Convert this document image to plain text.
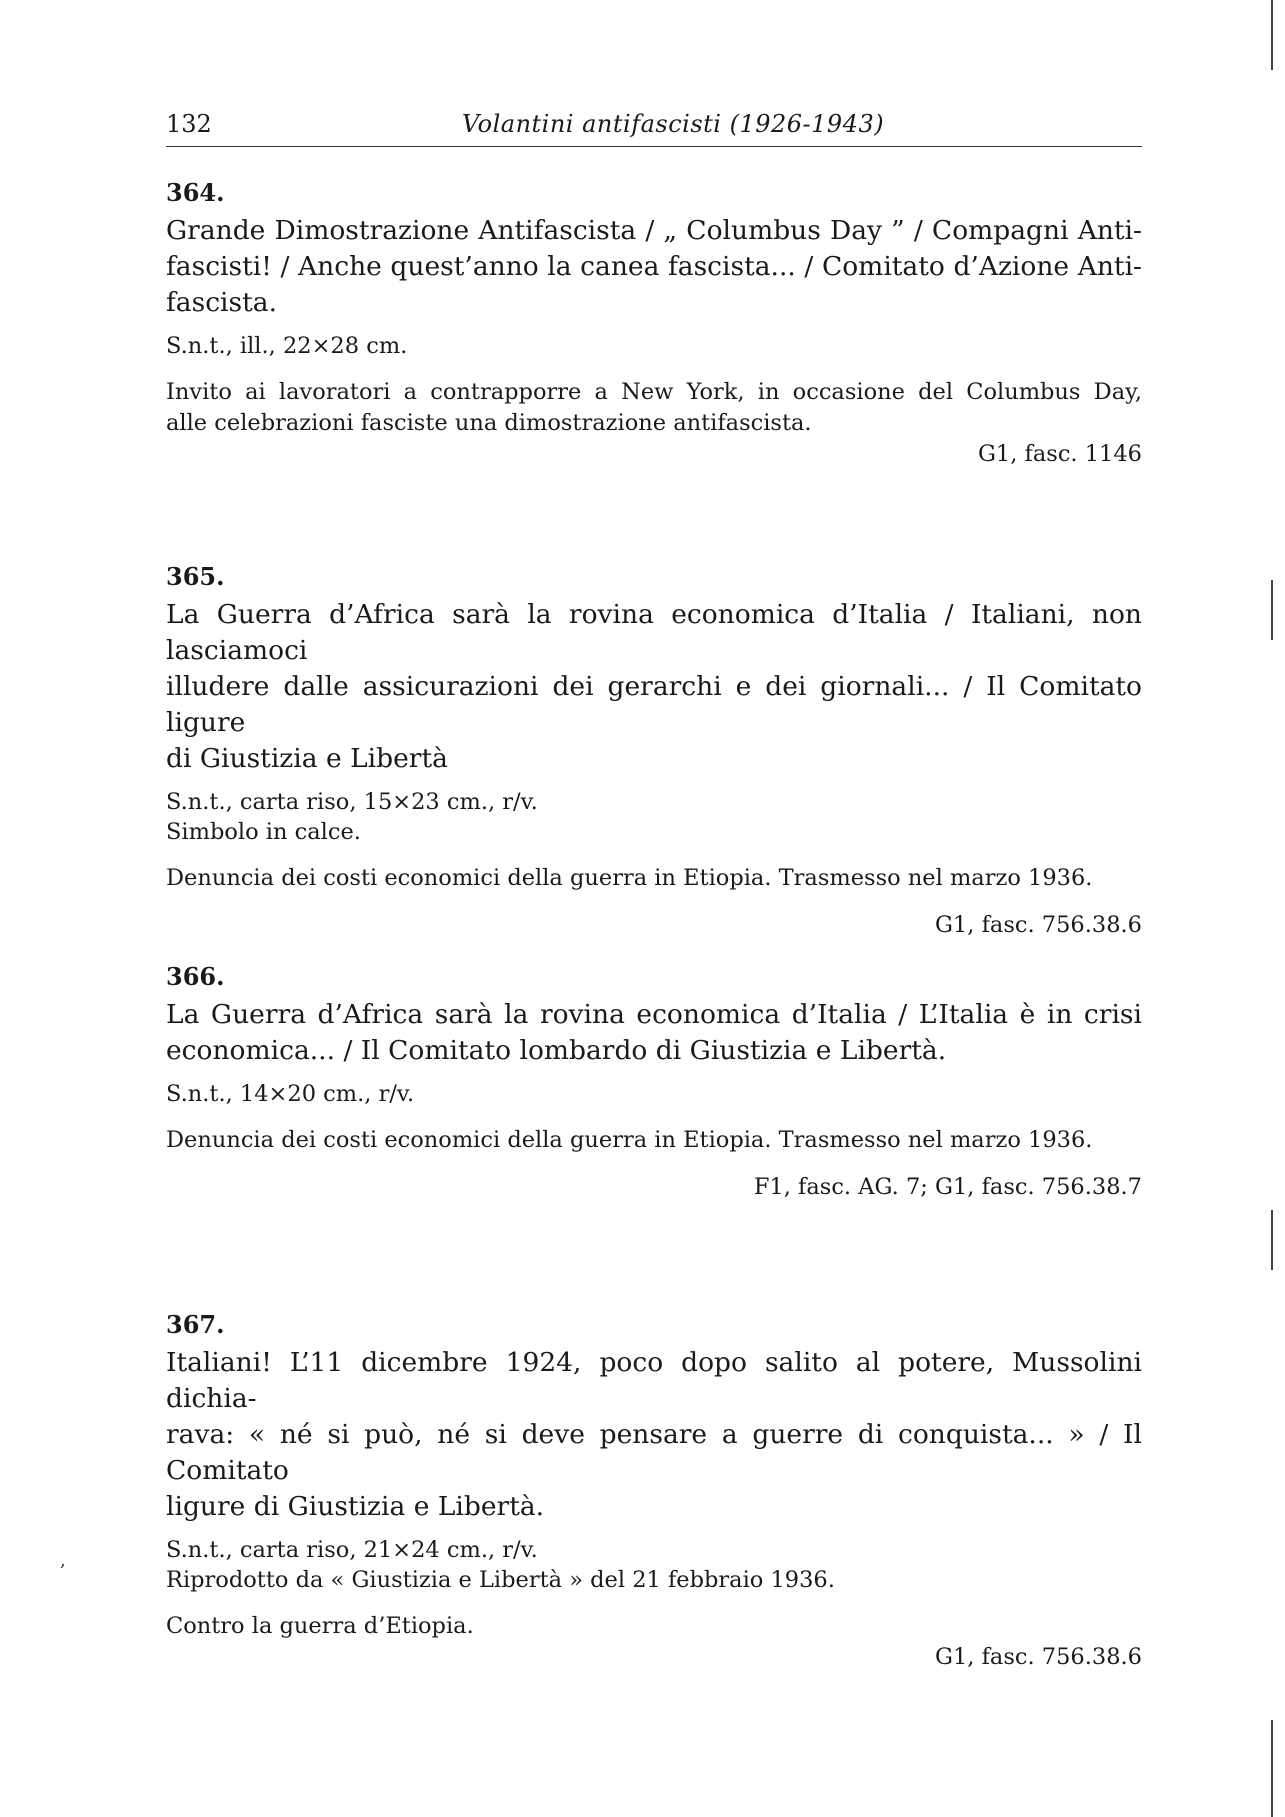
132	Volantini antifascisti (1926-1943)
364.
Grande Dimostrazione Antifascista / „ Columbus Day ” / Compagni Anti-
fascisti! / Anche quest’anno la canea fascista... / Comitato d’Azione Anti-
fascista.
S.n.t., ill., 22×28 cm.
Invito ai lavoratori a contrapporre a New York, in occasione del Columbus Day,
alle celebrazioni fasciste una dimostrazione antifascista.
G1, fasc. 1146
365.
La Guerra d’Africa sarà la rovina economica d’Italia / Italiani, non lasciamoci
illudere dalle assicurazioni dei gerarchi e dei giornali... / Il Comitato ligure
di Giustizia e Libertà
S.n.t., carta riso, 15×23 cm., r/v.
Simbolo in calce.
Denuncia dei costi economici della guerra in Etiopia. Trasmesso nel marzo 1936.
G1, fasc. 756.38.6
366.
La Guerra d’Africa sarà la rovina economica d’Italia / L’Italia è in crisi
economica... / Il Comitato lombardo di Giustizia e Libertà.
S.n.t., 14×20 cm., r/v.
Denuncia dei costi economici della guerra in Etiopia. Trasmesso nel marzo 1936.
F1, fasc. AG. 7; G1, fasc. 756.38.7
367.
Italiani! L’11 dicembre 1924, poco dopo salito al potere, Mussolini dichia-
rava: « né si può, né si deve pensare a guerre di conquista... » / Il Comitato
ligure di Giustizia e Libertà.
S.n.t., carta riso, 21×24 cm., r/v.
Riprodotto da « Giustizia e Libertà » del 21 febbraio 1936.
Contro la guerra d’Etiopia.
G1, fasc. 756.38.6
,
